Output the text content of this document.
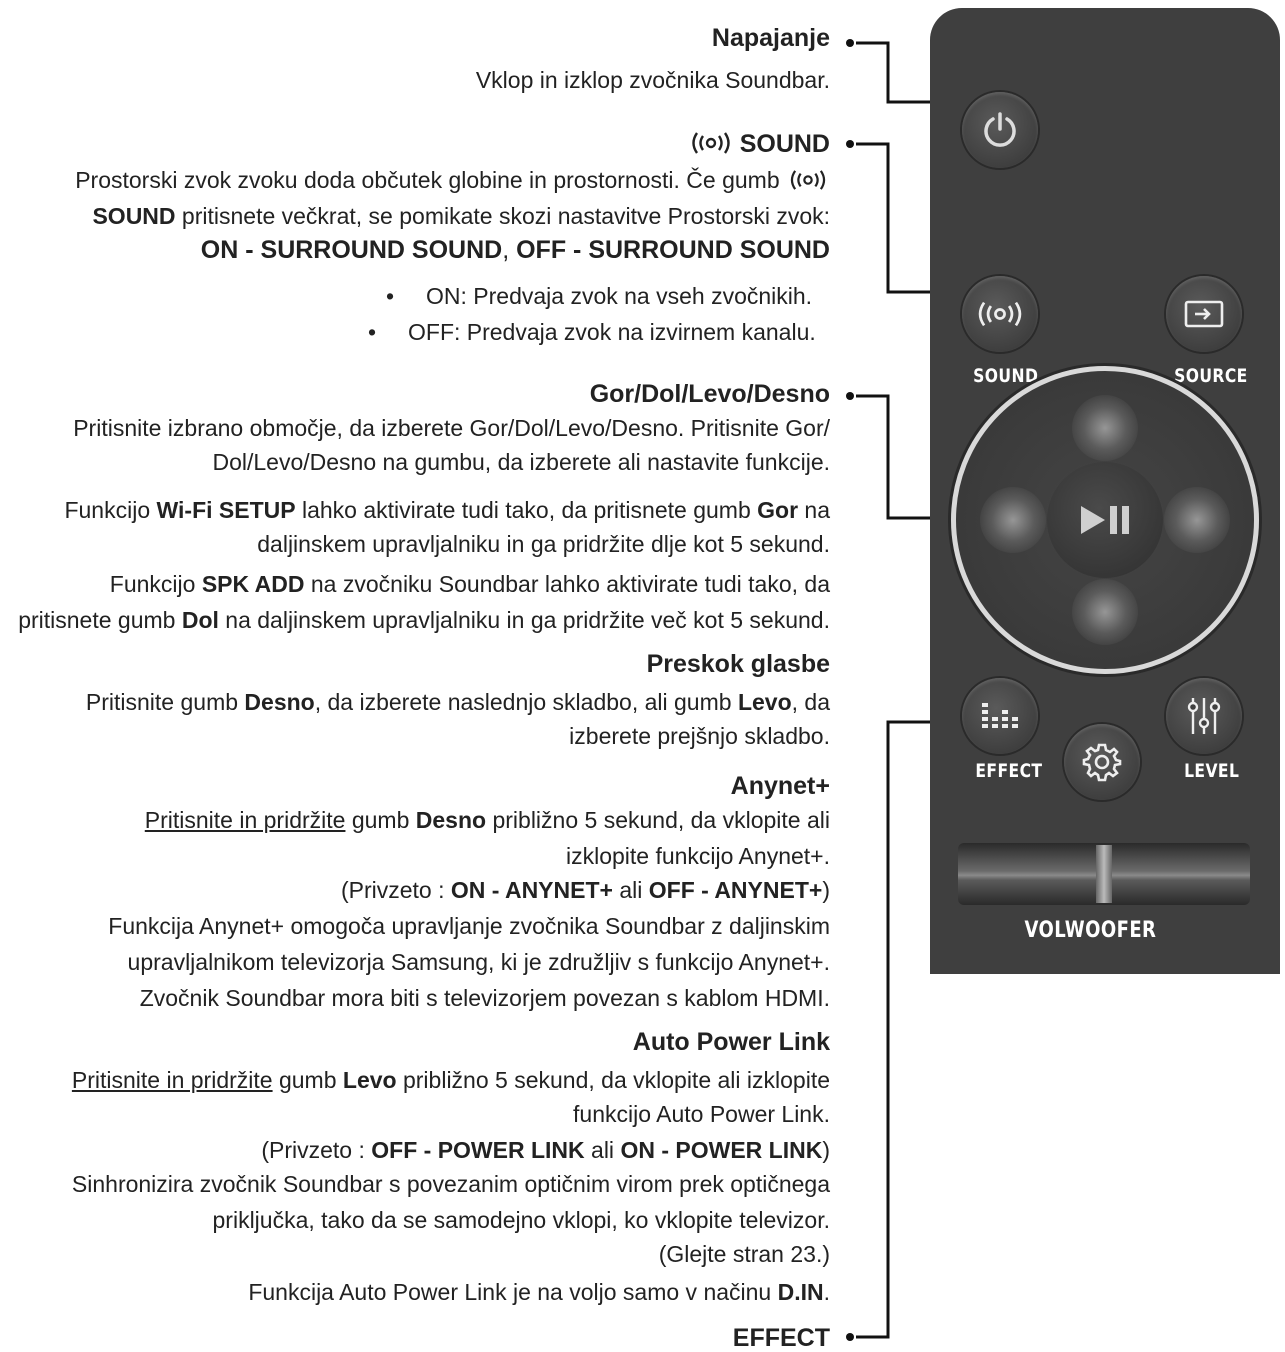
Napajanje
Vklop in izklop zvočnika Soundbar.
SOUND
Prostorski zvok zvoku doda občutek globine in prostornosti. Če gumb
SOUND pritisnete večkrat, se pomikate skozi nastavitve Prostorski zvok:
ON - SURROUND SOUND, OFF - SURROUND SOUND
• ON: Predvaja zvok na vseh zvočnikih.
• OFF: Predvaja zvok na izvirnem kanalu.
Gor/Dol/Levo/Desno
Pritisnite izbrano območje, da izberete Gor/Dol/Levo/Desno. Pritisnite Gor/
Dol/Levo/Desno na gumbu, da izberete ali nastavite funkcije.
Funkcijo Wi-Fi SETUP lahko aktivirate tudi tako, da pritisnete gumb Gor na
daljinskem upravljalniku in ga pridržite dlje kot 5 sekund.
Funkcijo SPK ADD na zvočniku Soundbar lahko aktivirate tudi tako, da
pritisnete gumb Dol na daljinskem upravljalniku in ga pridržite več kot 5 sekund.
Preskok glasbe
Pritisnite gumb Desno, da izberete naslednjo skladbo, ali gumb Levo, da
izberete prejšnjo skladbo.
Anynet+
Pritisnite in pridržite gumb Desno približno 5 sekund, da vklopite ali
izklopite funkcijo Anynet+.
(Privzeto : ON - ANYNET+ ali OFF - ANYNET+)
Funkcija Anynet+ omogoča upravljanje zvočnika Soundbar z daljinskim
upravljalnikom televizorja Samsung, ki je združljiv s funkcijo Anynet+.
Zvočnik Soundbar mora biti s televizorjem povezan s kablom HDMI.
Auto Power Link
Pritisnite in pridržite gumb Levo približno 5 sekund, da vklopite ali izklopite
funkcijo Auto Power Link.
(Privzeto : OFF - POWER LINK ali ON - POWER LINK)
Sinhronizira zvočnik Soundbar s povezanim optičnim virom prek optičnega
priključka, tako da se samodejno vklopi, ko vklopite televizor.
(Glejte stran 23.)
Funkcija Auto Power Link je na voljo samo v načinu D.IN.
EFFECT
SOUND	SOURCE
EFFECT	LEVEL
VOLWOOFER
